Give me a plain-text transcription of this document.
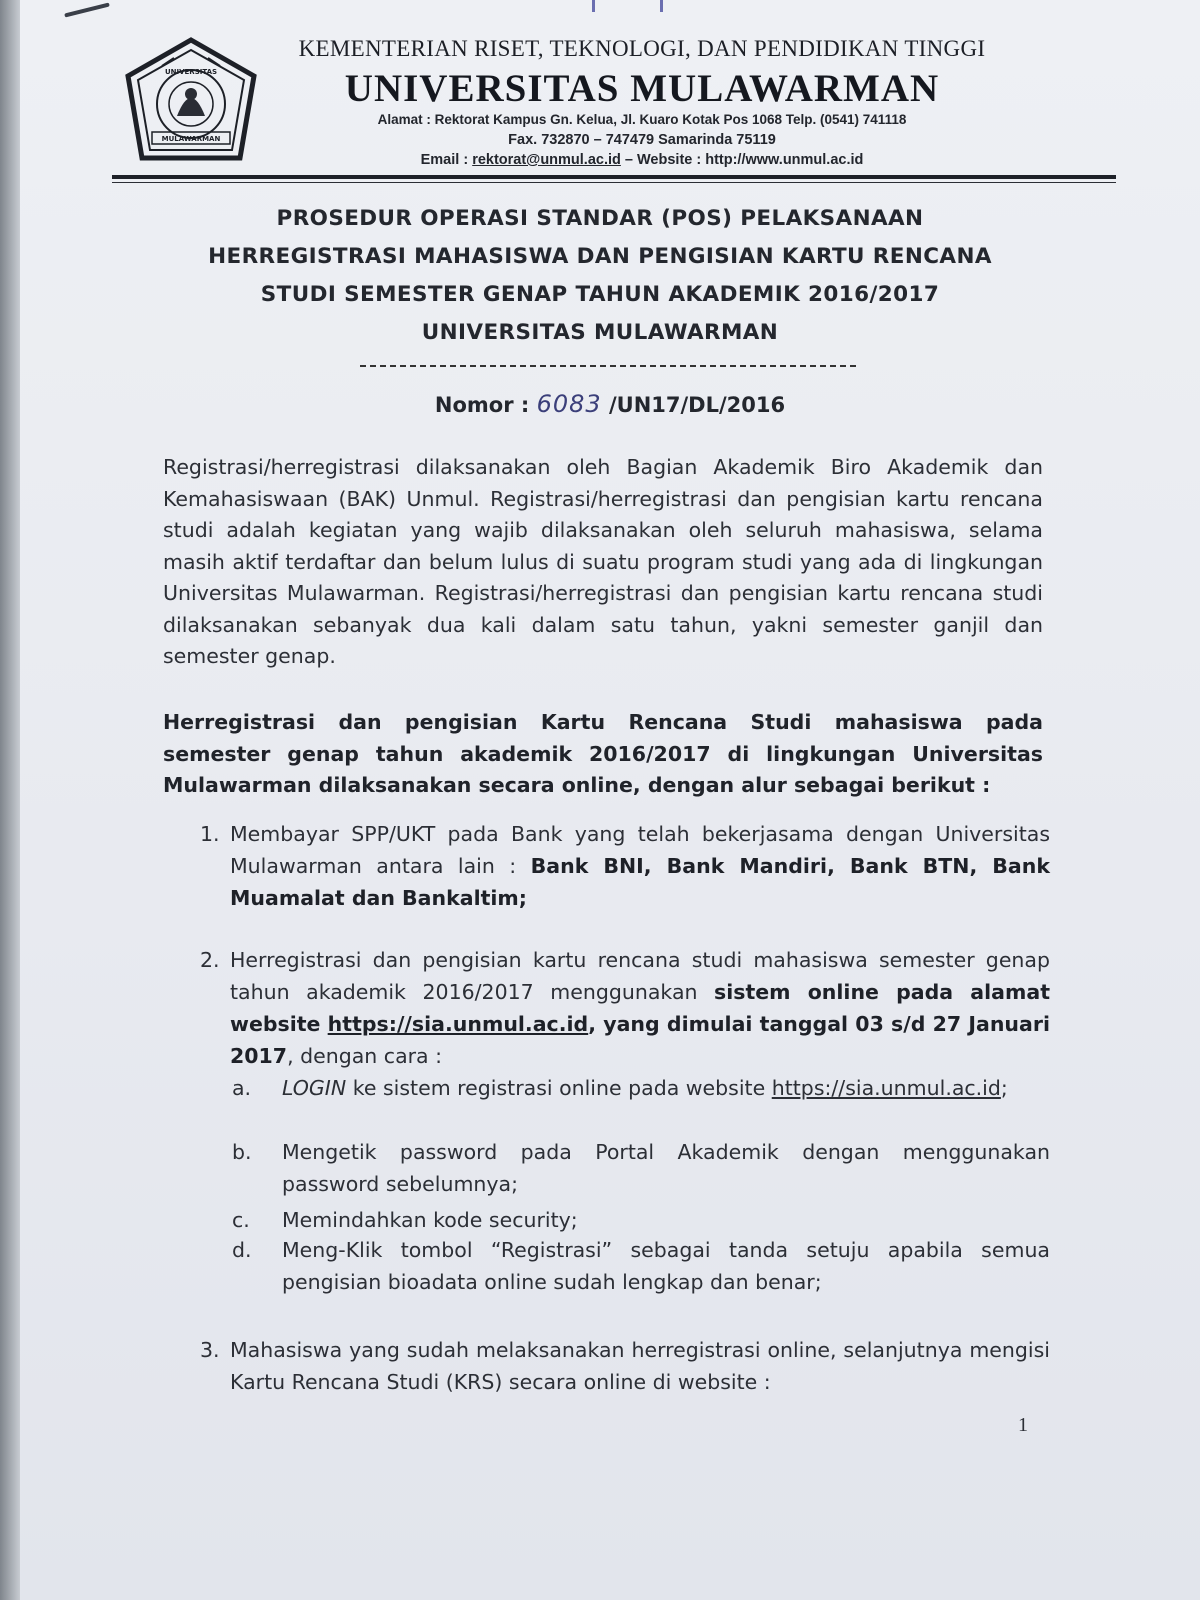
UNIVERSITAS
MULAWARMAN
KEMENTERIAN RISET, TEKNOLOGI, DAN PENDIDIKAN TINGGI
UNIVERSITAS MULAWARMAN
Alamat : Rektorat Kampus Gn. Kelua, Jl. Kuaro Kotak Pos 1068 Telp. (0541) 741118
Fax. 732870 – 747479 Samarinda 75119
Email : rektorat@unmul.ac.id – Website : http://www.unmul.ac.id
PROSEDUR OPERASI STANDAR (POS) PELAKSANAAN
HERREGISTRASI MAHASISWA DAN PENGISIAN KARTU RENCANA
STUDI SEMESTER GENAP TAHUN AKADEMIK 2016/2017
UNIVERSITAS MULAWARMAN
Nomor : 6083 /UN17/DL/2016
Registrasi/herregistrasi dilaksanakan oleh Bagian Akademik Biro Akademik dan Kemahasiswaan (BAK) Unmul. Registrasi/herregistrasi dan pengisian kartu rencana studi adalah kegiatan yang wajib dilaksanakan oleh seluruh mahasiswa, selama masih aktif terdaftar dan belum lulus di suatu program studi yang ada di lingkungan Universitas Mulawarman. Registrasi/herregistrasi dan pengisian kartu rencana studi dilaksanakan sebanyak dua kali dalam satu tahun, yakni semester ganjil dan semester genap.
Herregistrasi dan pengisian Kartu Rencana Studi mahasiswa pada semester genap tahun akademik 2016/2017 di lingkungan Universitas Mulawarman dilaksanakan secara online, dengan alur sebagai berikut :
1. Membayar SPP/UKT pada Bank yang telah bekerjasama dengan Universitas Mulawarman antara lain : Bank BNI, Bank Mandiri, Bank BTN, Bank Muamalat dan Bankaltim;
2. Herregistrasi dan pengisian kartu rencana studi mahasiswa semester genap tahun akademik 2016/2017 menggunakan sistem online pada alamat website https://sia.unmul.ac.id, yang dimulai tanggal 03 s/d 27 Januari 2017, dengan cara :
a.	LOGIN ke sistem registrasi online pada website https://sia.unmul.ac.id;
b.	Mengetik password pada Portal Akademik dengan menggunakan password sebelumnya;
c.	Memindahkan kode security;
d.	Meng-Klik tombol “Registrasi” sebagai tanda setuju apabila semua pengisian bioadata online sudah lengkap dan benar;
3. Mahasiswa yang sudah melaksanakan herregistrasi online, selanjutnya mengisi Kartu Rencana Studi (KRS) secara online di website :
1
